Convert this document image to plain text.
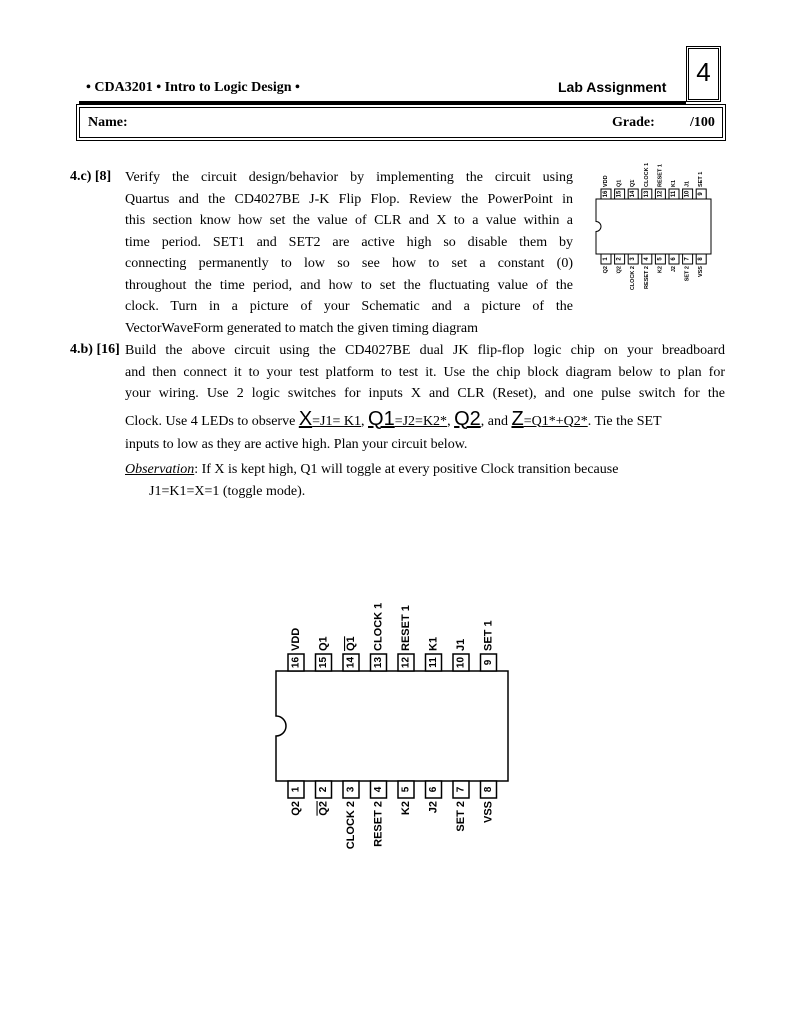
• CDA3201 • Intro to Logic Design •	Lab Assignment 4
Name:	Grade:	/100
4.c) [8] Verify the circuit design/behavior by implementing the circuit using
Quartus and the CD4027BE J-K Flip Flop. Review the PowerPoint in
this section know how set the value of CLR and X to a value within a
time period. SET1 and SET2 are active high so disable them by
connecting permanently to low so see how to set a constant (0)
throughout the time period, and how to set the fluctuating value of the
clock. Turn in a picture of your Schematic and a picture of the
VectorWaveForm generated to match the given timing diagram
16
VDD
15
Q1
14
Q1
13
CLOCK 1
12
RESET 1
11
K1
10
J1
9
SET 1
1
Q2
2
Q2
3
CLOCK 2
4
RESET 2
5
K2
6
J2
7
SET 2
8
VSS
4.b) [16] Build the above circuit using the CD4027BE dual JK flip-flop logic chip on your breadboard
and then connect it to your test platform to test it. Use the chip block diagram below to plan for
your wiring. Use 2 logic switches for inputs X and CLR (Reset), and one pulse switch for the
Clock. Use 4 LEDs to observe X=J1= K1, Q1=J2=K2*, Q2, and Z=Q1*+Q2*. Tie the SET
inputs to low as they are active high. Plan your circuit below.
Observation: If X is kept high, Q1 will toggle at every positive Clock transition because
J1=K1=X=1 (toggle mode).
16
VDD
15
Q1
14
Q1
13
CLOCK 1
12
RESET 1
11
K1
10
J1
9
SET 1
1
Q2
2
Q2
3
CLOCK 2
4
RESET 2
5
K2
6
J2
7
SET 2
8
VSS
